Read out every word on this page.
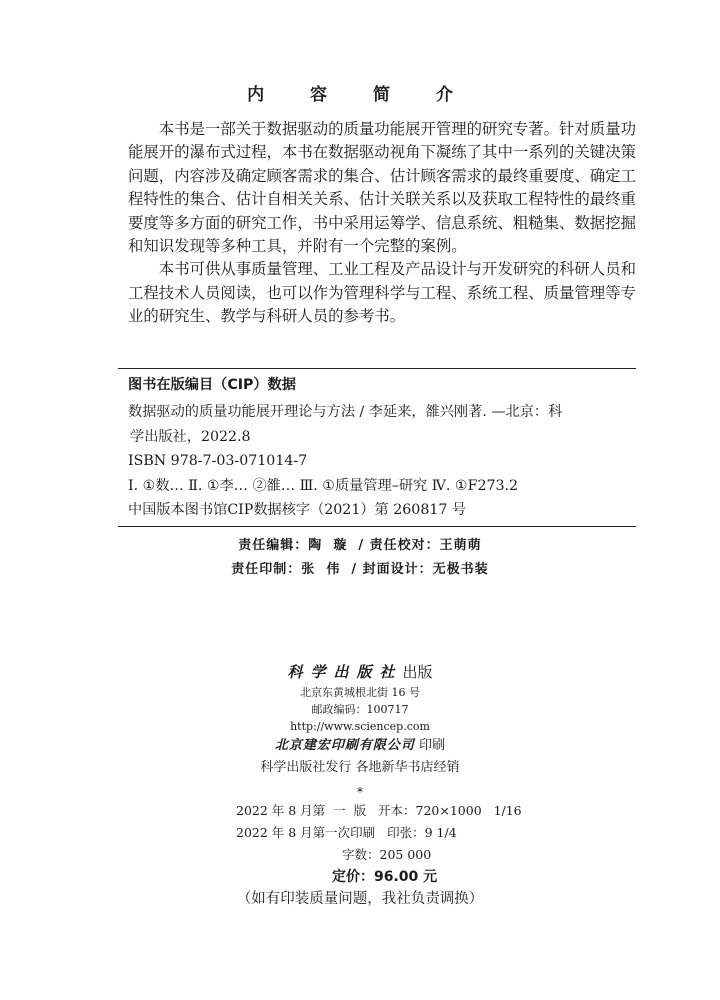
内 容 简 介

本书是一部关于数据驱动的质量功能展开管理的研究专著。针对质量功能展开的瀑布式过程，本书在数据驱动视角下凝练了其中一系列的关键决策问题，内容涉及确定顾客需求的集合、估计顾客需求的最终重要度、确定工程特性的集合、估计自相关关系、估计关联关系以及获取工程特性的最终重要度等多方面的研究工作，书中采用运筹学、信息系统、粗糙集、数据挖掘和知识发现等多种工具，并附有一个完整的案例。

本书可供从事质量管理、工业工程及产品设计与开发研究的科研人员和工程技术人员阅读，也可以作为管理科学与工程、系统工程、质量管理等专业的研究生、教学与科研人员的参考书。

图书在版编目（CIP）数据
数据驱动的质量功能展开理论与方法 / 李延来，雒兴刚著. —北京：科
学出版社，2022.8
ISBN 978-7-03-071014-7
Ⅰ. ①数… Ⅱ. ①李… ②雒… Ⅲ. ①质量管理–研究 Ⅳ. ①F273.2
中国版本图书馆CIP数据核字（2021）第 260817 号
责任编辑：陶  璇  / 责任校对：王萌萌
责任印制：张  伟  / 封面设计：无极书装
科学出版社出版
北京东黄城根北街 16 号
邮政编码：100717
http://www.sciencep.com
北京建宏印刷有限公司 印刷
科学出版社发行 各地新华书店经销
*
2022 年 8 月第  一  版   开本：720×1000   1/16
2022 年 8 月第一次印刷   印张：9 1/4
字数：205 000
定价：96.00 元
（如有印装质量问题，我社负责调换）
